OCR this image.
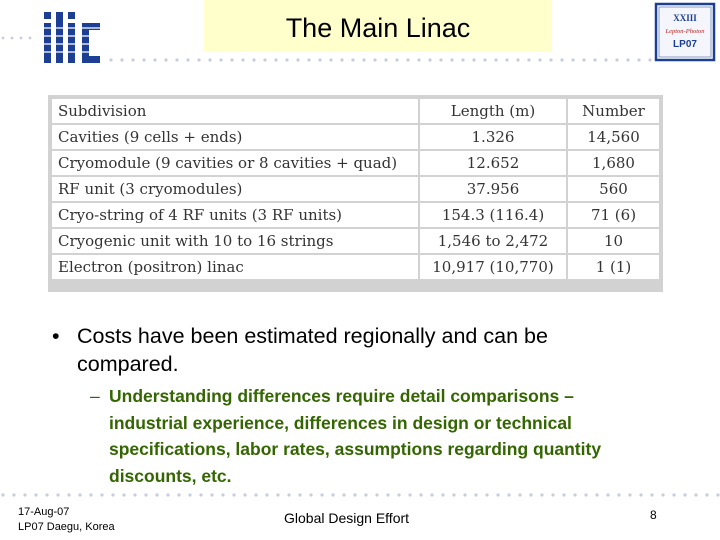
The Main Linac	XXIII
Lepton-Photon
LP07
Subdivision	Length (m)	Number
Cavities (9 cells + ends)	1.326	14,560
Cryomodule (9 cavities or 8 cavities + quad)	12.652	1,680
RF unit (3 cryomodules)	37.956	560
Cryo-string of 4 RF units (3 RF units)	154.3 (116.4)	71 (6)
Cryogenic unit with 10 to 16 strings	1,546 to 2,472	10
Electron (positron) linac	10,917 (10,770)	1 (1)
• Costs have been estimated regionally and can be compared.
– Understanding differences require detail comparisons – industrial experience, differences in design or technical specifications, labor rates, assumptions regarding quantity discounts, etc.
17-Aug-07
LP07 Daegu, Korea
Global Design Effort	8
